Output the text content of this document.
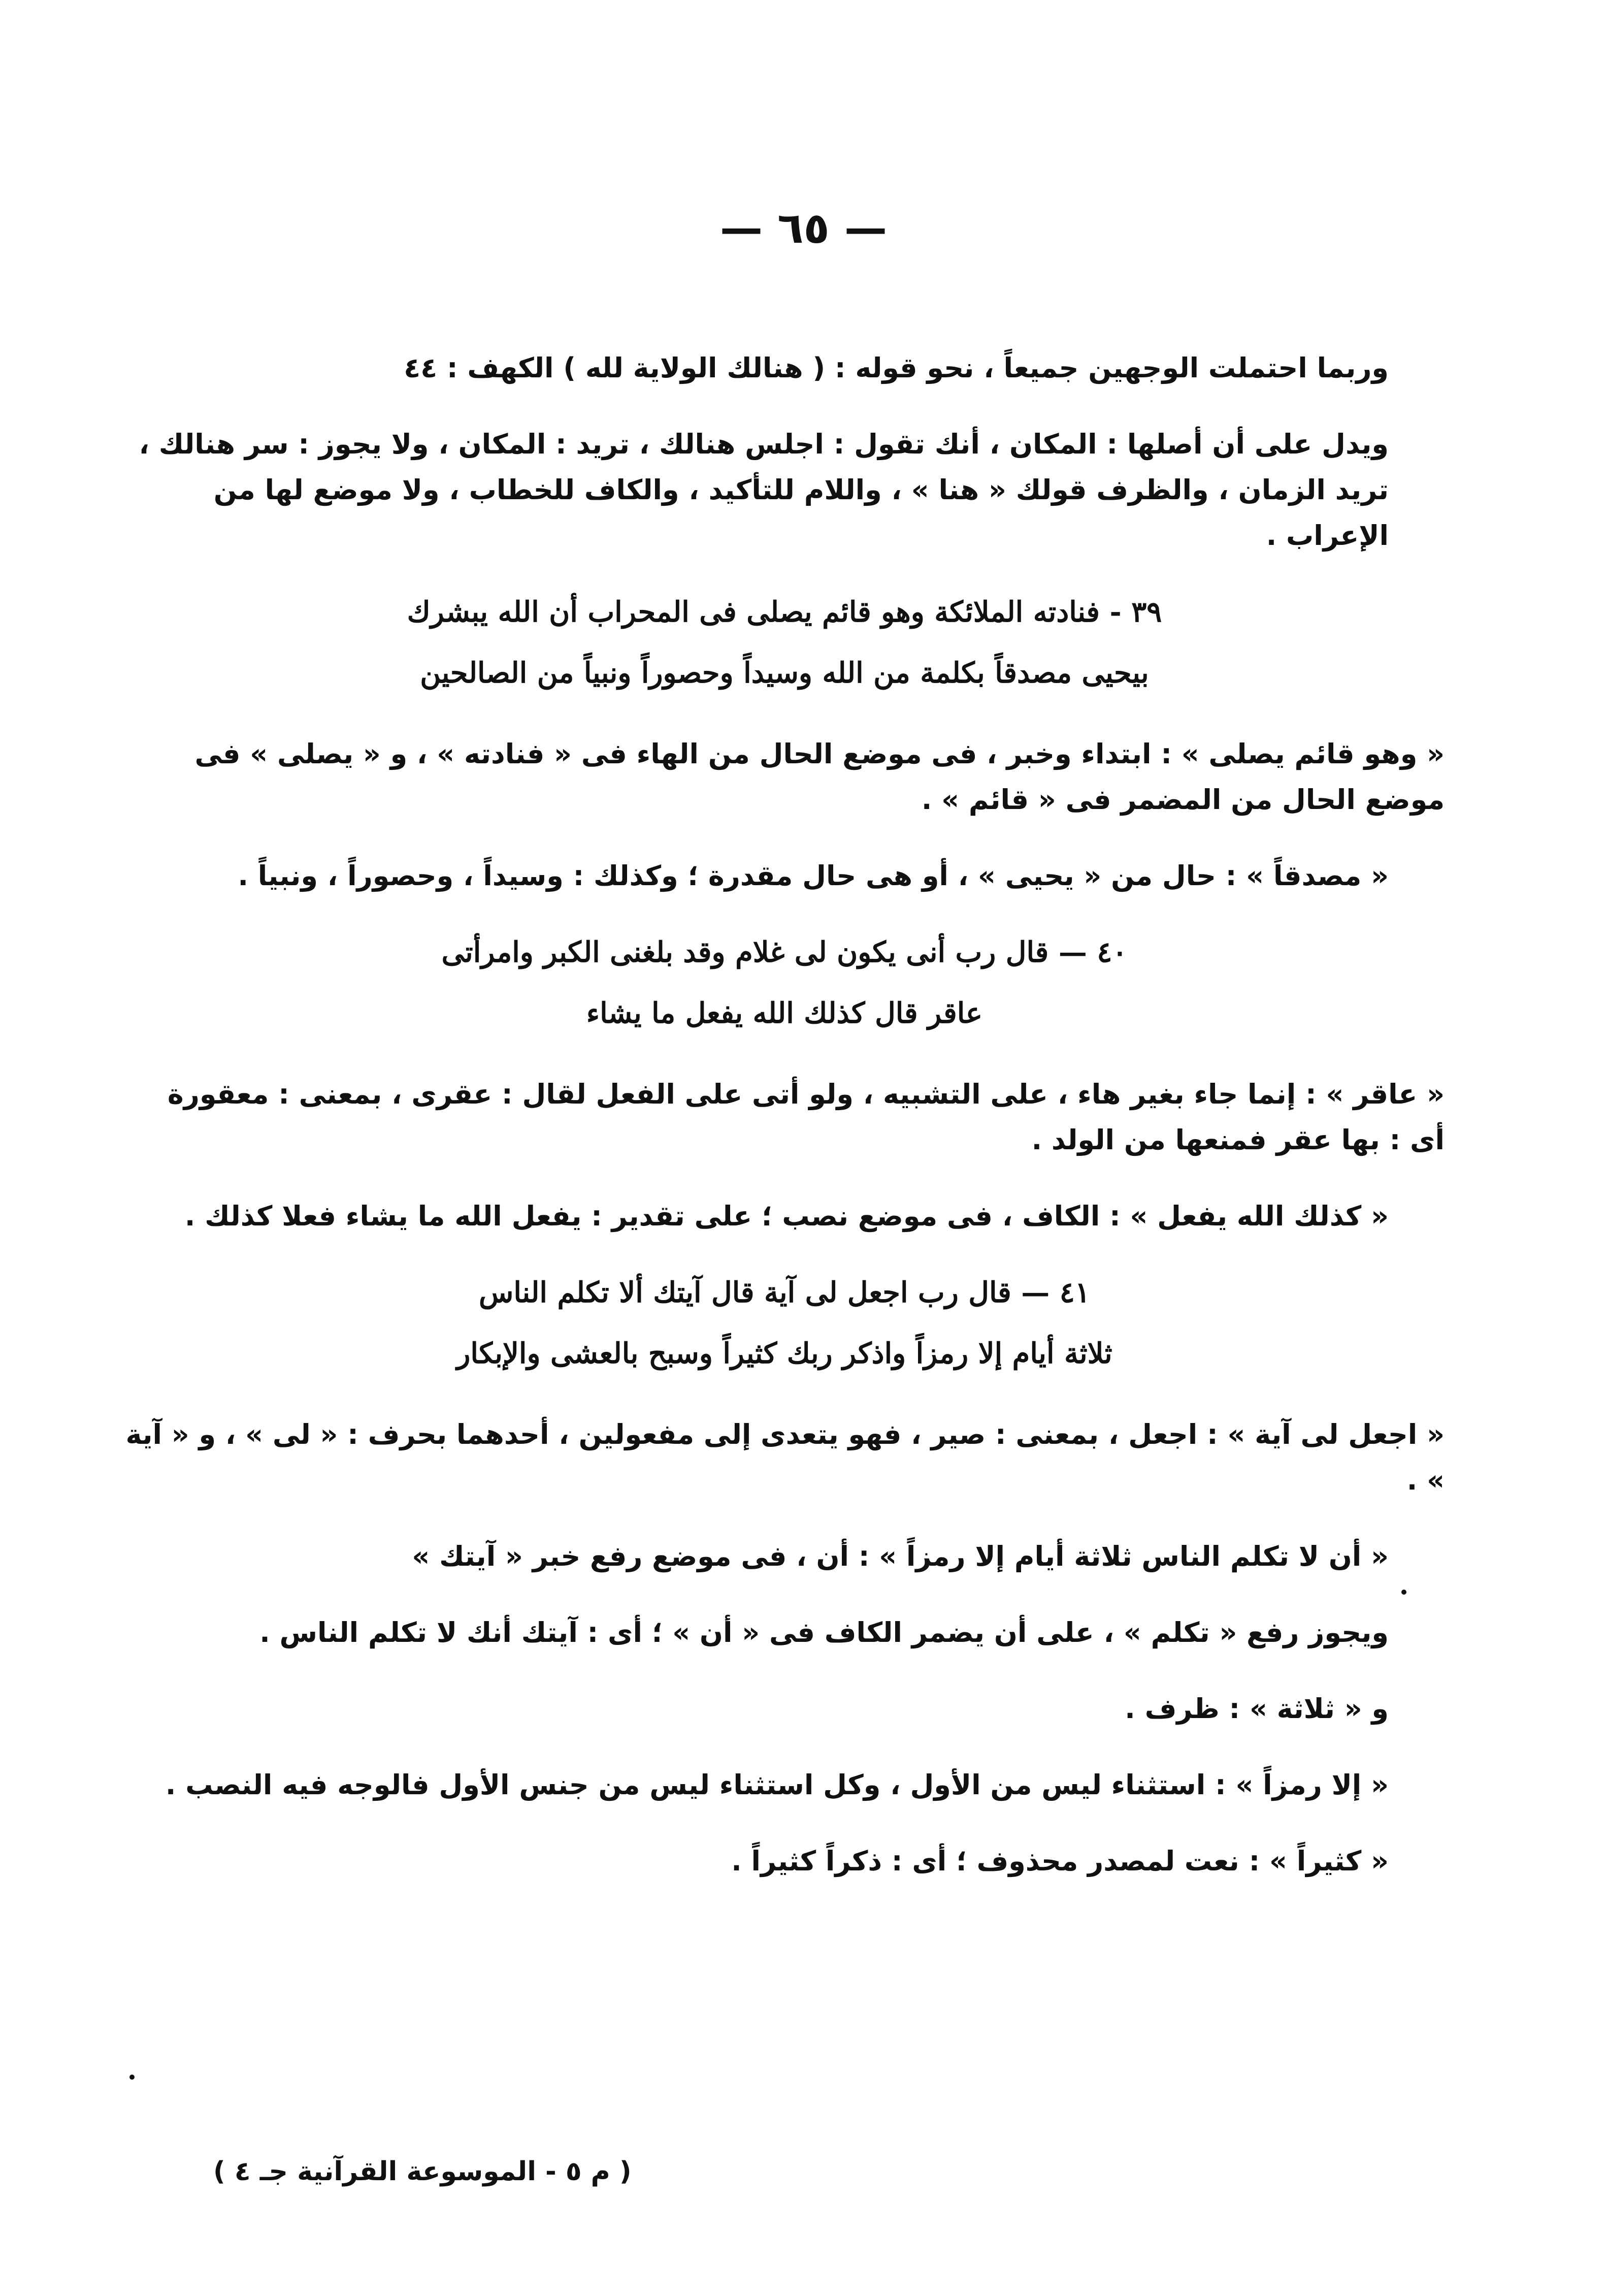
— ٦٥ —

وربما احتملت الوجهين جميعاً ، نحو قوله : ( هنالك الولاية لله ) الكهف : ٤٤

ويدل على أن أصلها : المكان ، أنك تقول : اجلس هنالك ، تريد : المكان ، ولا يجوز : سر هنالك ، تريد الزمان ، والظرف قولك « هنا » ، واللام للتأكيد ، والكاف للخطاب ، ولا موضع لها من الإعراب .

٣٩ - فنادته الملائكة وهو قائم يصلى فى المحراب أن الله يبشرك
بيحيى مصدقاً بكلمة من الله وسيداً وحصوراً ونبياً من الصالحين

« وهو قائم يصلى » : ابتداء وخبر ، فى موضع الحال من الهاء فى « فنادته » ، و « يصلى » فى موضع الحال من المضمر فى « قائم » .

« مصدقاً » : حال من « يحيى » ، أو هى حال مقدرة ؛ وكذلك : وسيداً ، وحصوراً ، ونبياً .

٤٠ — قال رب أنى يكون لى غلام وقد بلغنى الكبر وامرأتى
عاقر قال كذلك الله يفعل ما يشاء

« عاقر » : إنما جاء بغير هاء ، على التشبيه ، ولو أتى على الفعل لقال : عقرى ، بمعنى : معقورة أى : بها عقر فمنعها من الولد .

« كذلك الله يفعل » : الكاف ، فى موضع نصب ؛ على تقدير : يفعل الله ما يشاء فعلا كذلك .

٤١ — قال رب اجعل لى آية قال آيتك ألا تكلم الناس
ثلاثة أيام إلا رمزاً واذكر ربك كثيراً وسبح بالعشى والإبكار

« اجعل لى آية » : اجعل ، بمعنى : صير ، فهو يتعدى إلى مفعولين ، أحدهما بحرف : « لى » ، و « آية » .

« أن لا تكلم الناس ثلاثة أيام إلا رمزاً » : أن ، فى موضع رفع خبر « آيتك »

ويجوز رفع « تكلم » ، على أن يضمر الكاف فى « أن » ؛ أى : آيتك أنك لا تكلم الناس .

و « ثلاثة » : ظرف .

« إلا رمزاً » : استثناء ليس من الأول ، وكل استثناء ليس من جنس الأول فالوجه فيه النصب .

« كثيراً » : نعت لمصدر محذوف ؛ أى : ذكراً كثيراً .

( م ٥ - الموسوعة القرآنية جـ ٤ )
